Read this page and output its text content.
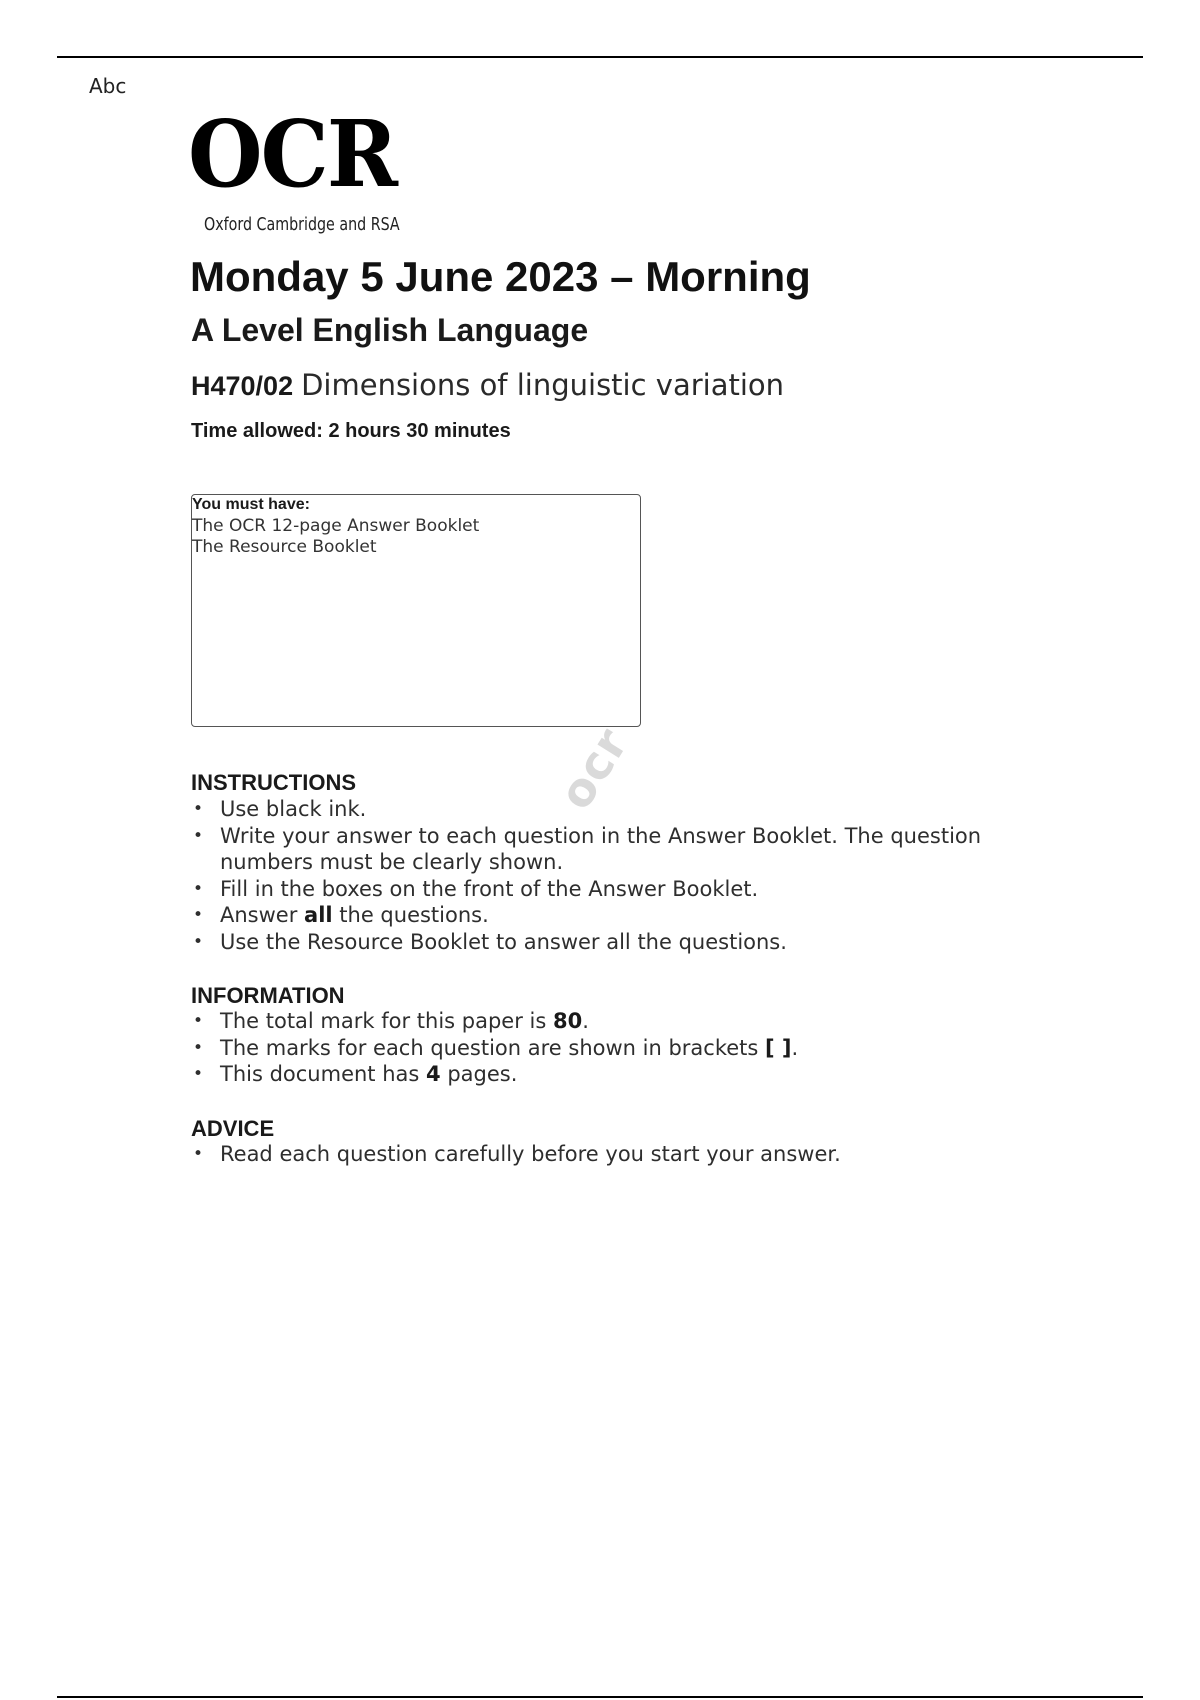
Abc
OCR
Oxford Cambridge and RSA
Monday 5 June 2023 – Morning
A Level English Language
H470/02 Dimensions of linguistic variation
Time allowed: 2 hours 30 minutes
You must have:
The OCR 12-page Answer Booklet
The Resource Booklet
ocr
INSTRUCTIONS
• Use black ink.
• Write your answer to each question in the Answer Booklet. The question numbers must be clearly shown.
• Fill in the boxes on the front of the Answer Booklet.
• Answer all the questions.
• Use the Resource Booklet to answer all the questions.
INFORMATION
• The total mark for this paper is 80.
• The marks for each question are shown in brackets [ ].
• This document has 4 pages.
ADVICE
• Read each question carefully before you start your answer.
